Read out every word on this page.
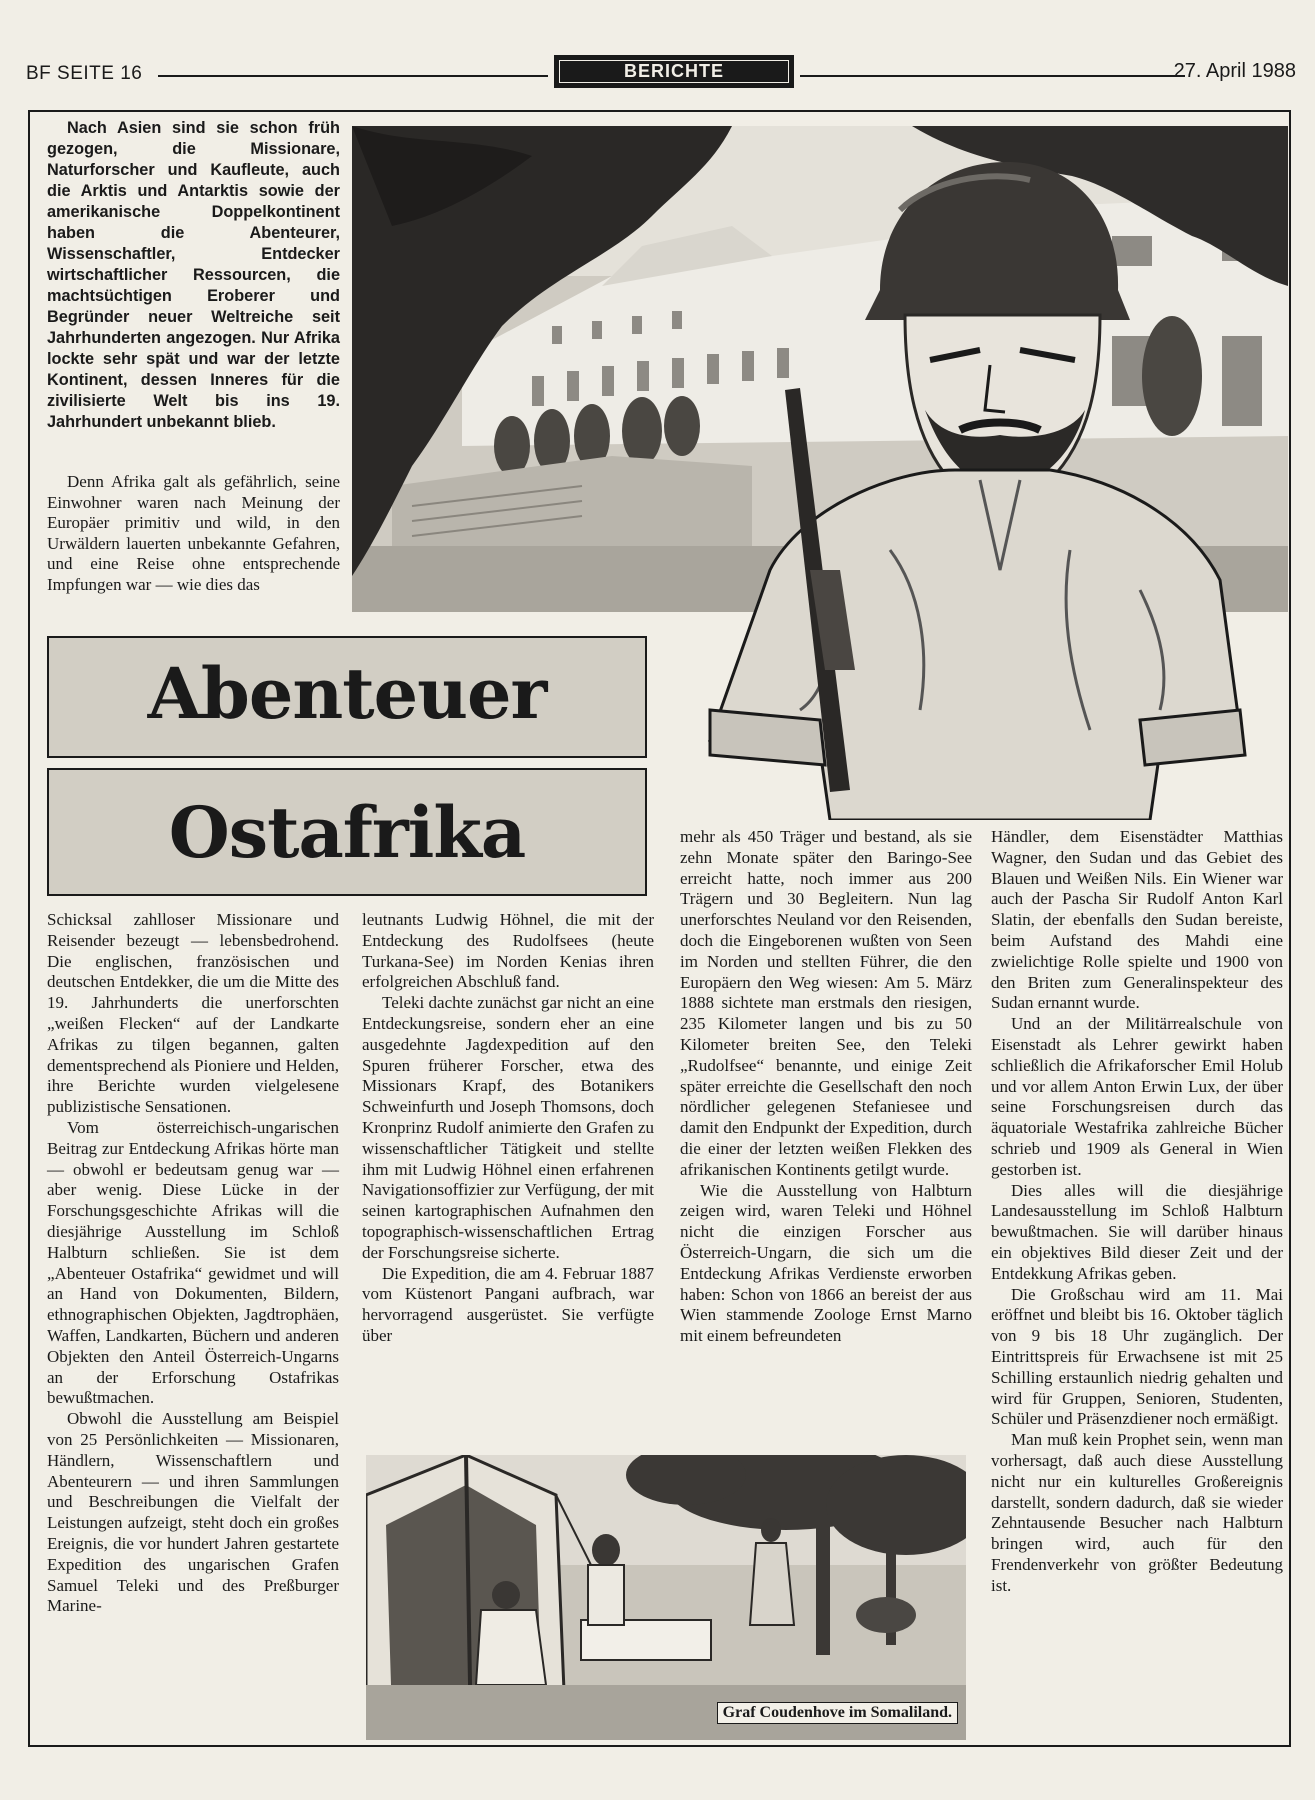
BF SEITE 16	BERICHTE	27. April 1988

Nach Asien sind sie schon früh gezogen, die Missionare, Naturforscher und Kaufleute, auch die Arktis und Antarktis sowie der amerikanische Doppelkontinent haben die Abenteurer, Wissenschaftler, Entdecker wirtschaftlicher Ressourcen, die machtsüchtigen Eroberer und Begründer neuer Weltreiche seit Jahrhunderten angezogen. Nur Afrika lockte sehr spät und war der letzte Kontinent, dessen Inneres für die zivilisierte Welt bis ins 19. Jahrhundert unbekannt blieb.

Denn Afrika galt als gefährlich, seine Einwohner waren nach Meinung der Europäer primitiv und wild, in den Urwäldern lauerten unbekannte Gefahren, und eine Reise ohne entsprechende Impfungen war — wie dies das

Abenteuer
Ostafrika
Graf Coudenhove im Somaliland.

Schicksal zahlloser Missionare und Reisender bezeugt — lebensbedrohend. Die englischen, französischen und deutschen Entdekker, die um die Mitte des 19. Jahrhunderts die unerforschten „weißen Flecken“ auf der Landkarte Afrikas zu tilgen begannen, galten dementsprechend als Pioniere und Helden, ihre Berichte wurden vielgelesene publizistische Sensationen.

Vom österreichisch-ungarischen Beitrag zur Entdeckung Afrikas hörte man — obwohl er bedeutsam genug war — aber wenig. Diese Lücke in der Forschungsgeschichte Afrikas will die diesjährige Ausstellung im Schloß Halbturn schließen. Sie ist dem „Abenteuer Ostafrika“ gewidmet und will an Hand von Dokumenten, Bildern, ethnographischen Objekten, Jagdtrophäen, Waffen, Landkarten, Büchern und anderen Objekten den Anteil Österreich-Ungarns an der Erforschung Ostafrikas bewußtmachen.

Obwohl die Ausstellung am Beispiel von 25 Persönlichkeiten — Missionaren, Händlern, Wissenschaftlern und Abenteurern — und ihren Sammlungen und Beschreibungen die Vielfalt der Leistungen aufzeigt, steht doch ein großes Ereignis, die vor hundert Jahren gestartete Expedition des ungarischen Grafen Samuel Teleki und des Preßburger Marine-

leutnants Ludwig Höhnel, die mit der Entdeckung des Rudolfsees (heute Turkana-See) im Norden Kenias ihren erfolgreichen Abschluß fand.

Teleki dachte zunächst gar nicht an eine Entdeckungsreise, sondern eher an eine ausgedehnte Jagdexpedition auf den Spuren früherer Forscher, etwa des Missionars Krapf, des Botanikers Schweinfurth und Joseph Thomsons, doch Kronprinz Rudolf animierte den Grafen zu wissenschaftlicher Tätigkeit und stellte ihm mit Ludwig Höhnel einen erfahrenen Navigationsoffizier zur Verfügung, der mit seinen kartographischen Aufnahmen den topographisch-wissenschaftlichen Ertrag der Forschungsreise sicherte.

Die Expedition, die am 4. Februar 1887 vom Küstenort Pangani aufbrach, war hervorragend ausgerüstet. Sie verfügte über

mehr als 450 Träger und bestand, als sie zehn Monate später den Baringo-See erreicht hatte, noch immer aus 200 Trägern und 30 Begleitern. Nun lag unerforschtes Neuland vor den Reisenden, doch die Eingeborenen wußten von Seen im Norden und stellten Führer, die den Europäern den Weg wiesen: Am 5. März 1888 sichtete man erstmals den riesigen, 235 Kilometer langen und bis zu 50 Kilometer breiten See, den Teleki „Rudolfsee“ benannte, und einige Zeit später erreichte die Gesellschaft den noch nördlicher gelegenen Stefaniesee und damit den Endpunkt der Expedition, durch die einer der letzten weißen Flekken des afrikanischen Kontinents getilgt wurde.

Wie die Ausstellung von Halbturn zeigen wird, waren Teleki und Höhnel nicht die einzigen Forscher aus Österreich-Ungarn, die sich um die Entdeckung Afrikas Verdienste erworben haben: Schon von 1866 an bereist der aus Wien stammende Zoologe Ernst Marno mit einem befreundeten

Händler, dem Eisenstädter Matthias Wagner, den Sudan und das Gebiet des Blauen und Weißen Nils. Ein Wiener war auch der Pascha Sir Rudolf Anton Karl Slatin, der ebenfalls den Sudan bereiste, beim Aufstand des Mahdi eine zwielichtige Rolle spielte und 1900 von den Briten zum Generalinspekteur des Sudan ernannt wurde.

Und an der Militärrealschule von Eisenstadt als Lehrer gewirkt haben schließlich die Afrikaforscher Emil Holub und vor allem Anton Erwin Lux, der über seine Forschungsreisen durch das äquatoriale Westafrika zahlreiche Bücher schrieb und 1909 als General in Wien gestorben ist.

Dies alles will die diesjährige Landesausstellung im Schloß Halbturn bewußtmachen. Sie will darüber hinaus ein objektives Bild dieser Zeit und der Entdekkung Afrikas geben.

Die Großschau wird am 11. Mai eröffnet und bleibt bis 16. Oktober täglich von 9 bis 18 Uhr zugänglich. Der Eintrittspreis für Erwachsene ist mit 25 Schilling erstaunlich niedrig gehalten und wird für Gruppen, Senioren, Studenten, Schüler und Präsenzdiener noch ermäßigt.

Man muß kein Prophet sein, wenn man vorhersagt, daß auch diese Ausstellung nicht nur ein kulturelles Großereignis darstellt, sondern dadurch, daß sie wieder Zehntausende Besucher nach Halbturn bringen wird, auch für den Frendenverkehr von größter Bedeutung ist.
